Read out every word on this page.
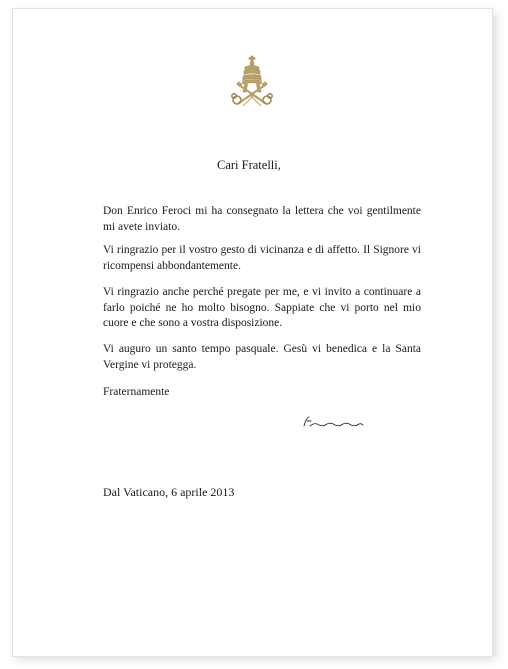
Cari Fratelli,

Don Enrico Feroci mi ha consegnato la lettera che voi gentilmente mi avete inviato.

Vi ringrazio per il vostro gesto di vicinanza e di affetto. Il Signore vi ricompensi abbondantemente.

Vi ringrazio anche perché pregate per me, e vi invito a continuare a farlo poiché ne ho molto bisogno. Sappiate che vi porto nel mio cuore e che sono a vostra disposizione.

Vi auguro un santo tempo pasquale. Gesù vi benedica e la Santa Vergine vi protegga.

Fraternamente

Dal Vaticano, 6 aprile 2013
